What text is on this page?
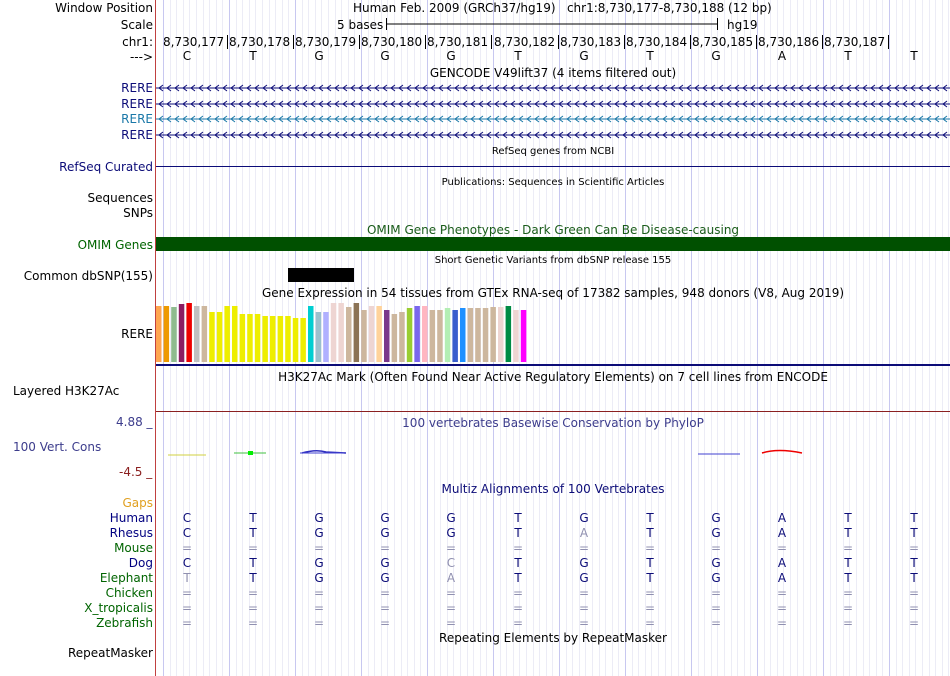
Window Position	Human Feb. 2009 (GRCh37/hg19)   chr1:8,730,177-8,730,188 (12 bp)
Scale	5 bases	hg19
chr1: 8,730,177 8,730,178 8,730,179 8,730,180 8,730,181 8,730,182 8,730,183 8,730,184 8,730,185 8,730,186 8,730,187
---> C	T	G	G	G	T	G	T	G	A	T	T
GENCODE V49lift37 (4 items filtered out)
RERE
RERE
RERE
RERE
RefSeq genes from NCBI
RefSeq Curated
Publications: Sequences in Scientific Articles
Sequences
SNPs
OMIM Gene Phenotypes - Dark Green Can Be Disease-causing
OMIM Genes
Short Genetic Variants from dbSNP release 155
Common dbSNP(155)
Gene Expression in 54 tissues from GTEx RNA-seq of 17382 samples, 948 donors (V8, Aug 2019)
RERE
H3K27Ac Mark (Often Found Near Active Regulatory Elements) on 7 cell lines from ENCODE
Layered H3K27Ac
100 vertebrates Basewise Conservation by PhyloP
4.88 _
100 Vert. Cons
-4.5 _
Gaps
Multiz Alignments of 100 Vertebrates
Human C	T	G	G	G	T	G	T	G	A	T	T
Rhesus C	T	G	G	G	T	A	T	G	A	T	T
Mouse =	=	=	=	=	=	=	=	=	=	=	=
Dog C	T	G	G	C	T	G	T	G	A	T	T
Elephant	T	T	G	G	A	T	G	T	G	A	T	T
Chicken =	=	=	=	=	=	=	=	=	=	=	=
X_tropicalis =	=	=	=	=	=	=	=	=	=	=	=
Zebrafish =	=	=	=	=	=	=	=	=	=	=	=
Repeating Elements by RepeatMasker
RepeatMasker
